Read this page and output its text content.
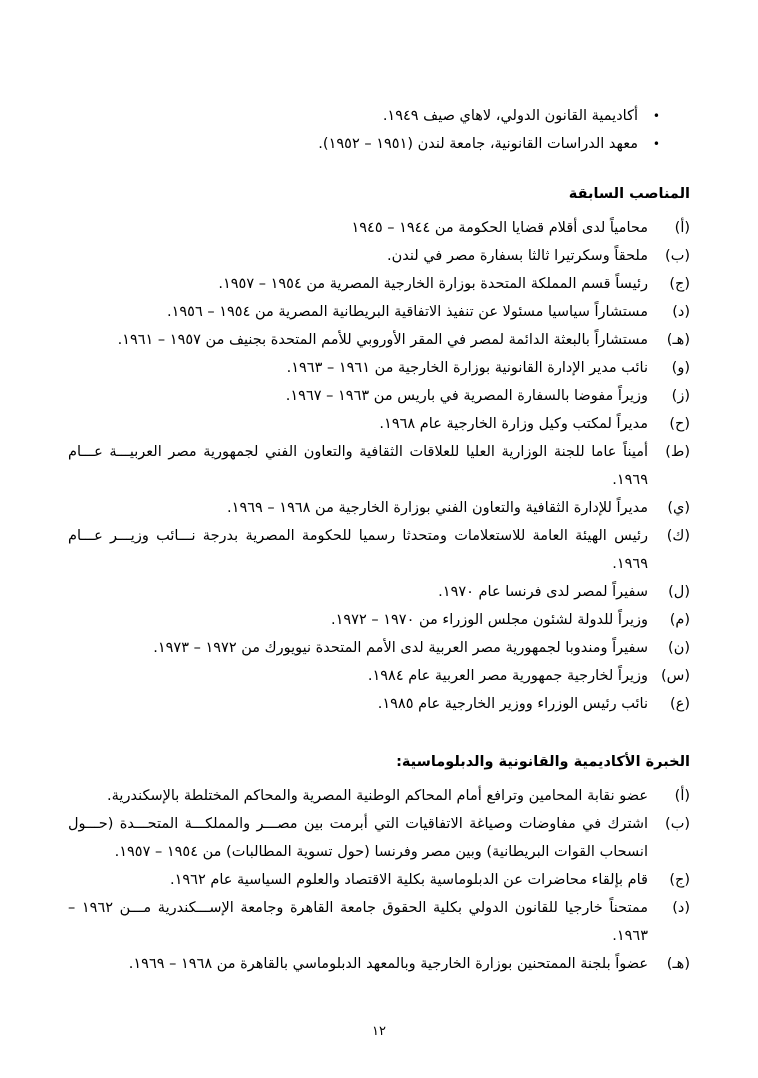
•
أكاديمية القانون الدولي، لاهاي صيف ١٩٤٩.
•
معهد الدراسات القانونية، جامعة لندن (١٩٥١ – ١٩٥٢).
المناصب السابقة
(أ)
محامياً لدى أقلام قضايا الحكومة من ١٩٤٤ – ١٩٤٥
(ب)
ملحقاً وسكرتيرا ثالثا بسفارة مصر في لندن.
(ج)
رئيساً قسم المملكة المتحدة بوزارة الخارجية المصرية من ١٩٥٤ – ١٩٥٧.
(د)
مستشاراً سياسيا مسئولا عن تنفيذ الاتفاقية البريطانية المصرية من ١٩٥٤ – ١٩٥٦.
(هـ)
مستشاراً بالبعثة الدائمة لمصر في المقر الأوروبي للأمم المتحدة بجنيف من ١٩٥٧ – ١٩٦١.
(و)
نائب مدير الإدارة القانونية بوزارة الخارجية من ١٩٦١ – ١٩٦٣.
(ز)
وزيراً مفوضا بالسفارة المصرية في باريس من ١٩٦٣ – ١٩٦٧.
(ح)
مديراً لمكتب وكيل وزارة الخارجية عام ١٩٦٨.
(ط)
أميناً عاما للجنة الوزارية العليا للعلاقات الثقافية والتعاون الفني لجمهورية مصر العربيـــة عـــام ١٩٦٩.
(ي)
مديراً للإدارة الثقافية والتعاون الفني بوزارة الخارجية من ١٩٦٨ – ١٩٦٩.
(ك)
رئيس الهيئة العامة للاستعلامات ومتحدثا رسميا للحكومة المصرية بدرجة نـــائب وزيـــر عـــام ١٩٦٩.
(ل)
سفيراً لمصر لدى فرنسا عام ١٩٧٠.
(م)
وزيراً للدولة لشئون مجلس الوزراء من ١٩٧٠ – ١٩٧٢.
(ن)
سفيراً ومندوبا لجمهورية مصر العربية لدى الأمم المتحدة نيويورك من ١٩٧٢ – ١٩٧٣.
(س)
وزيراً لخارجية جمهورية مصر العربية عام ١٩٨٤.
(ع)
نائب رئيس الوزراء ووزير الخارجية عام ١٩٨٥.
الخبرة الأكاديمية والقانونية والدبلوماسية:
(أ)
عضو نقابة المحامين وترافع أمام المحاكم الوطنية المصرية والمحاكم المختلطة بالإسكندرية.
(ب)
اشترك في مفاوضات وصياغة الاتفاقيات التي أبرمت بين مصـــر والمملكـــة المتحـــدة (حـــول انسحاب القوات البريطانية) وبين مصر وفرنسا (حول تسوية المطالبات) من ١٩٥٤ – ١٩٥٧.
(ج)
قام بإلقاء محاضرات عن الدبلوماسية بكلية الاقتصاد والعلوم السياسية عام ١٩٦٢.
(د)
ممتحناً خارجيا للقانون الدولي بكلية الحقوق جامعة القاهرة وجامعة الإســـكندرية مـــن ١٩٦٢ – ١٩٦٣.
(هـ)
عضواً بلجنة الممتحنين بوزارة الخارجية وبالمعهد الدبلوماسي بالقاهرة من ١٩٦٨ – ١٩٦٩.
١٢
